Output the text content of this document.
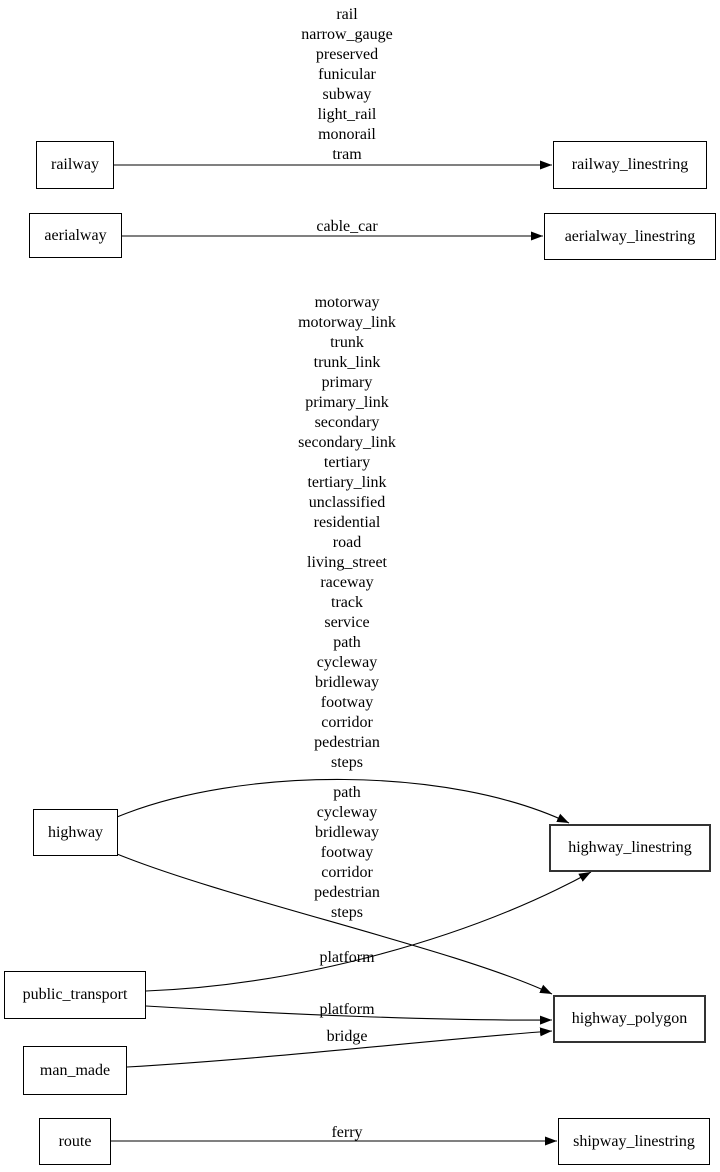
railway
aerialway
highway
public_transport
man_made
route
railway_linestring
aerialway_linestring
highway_linestring
highway_polygon
shipway_linestring
rail
narrow_gauge
preserved
funicular
subway
light_rail
monorail
tram
cable_car
motorway
motorway_link
trunk
trunk_link
primary
primary_link
secondary
secondary_link
tertiary
tertiary_link
unclassified
residential
road
living_street
raceway
track
service
path
cycleway
bridleway
footway
corridor
pedestrian
steps
path
cycleway
bridleway
footway
corridor
pedestrian
steps
platform
platform
bridge
ferry
